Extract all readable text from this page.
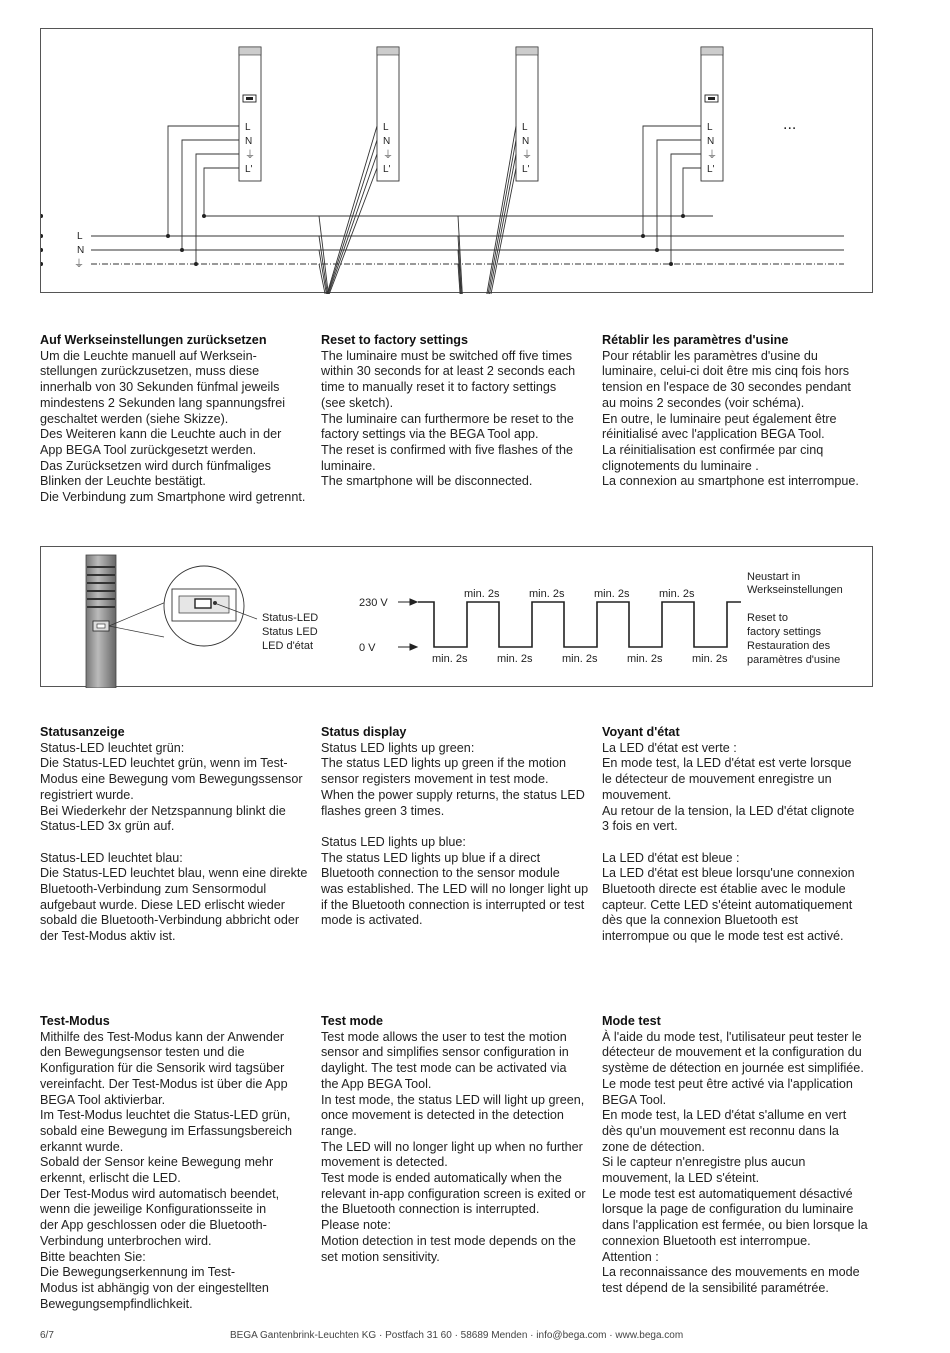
L
N
⏚
L'
L
N
⏚
L'
L
N
⏚
L'
L
N
⏚
L'
L
N
⏚
...
Auf Werkseinstellungen zurücksetzen

Um die Leuchte manuell auf Werksein-
stellungen zurückzusetzen, muss diese
innerhalb von 30 Sekunden fünfmal jeweils
mindestens 2 Sekunden lang spannungsfrei
geschaltet werden (siehe Skizze).
Des Weiteren kann die Leuchte auch in der
App BEGA Tool zurückgesetzt werden.
Das Zurücksetzen wird durch fünfmaliges
Blinken der Leuchte bestätigt.
Die Verbindung zum Smartphone wird getrennt.

Reset to factory settings

The luminaire must be switched off five times
within 30 seconds for at least 2 seconds each
time to manually reset it to factory settings
(see sketch).
The luminaire can furthermore be reset to the
factory settings via the BEGA Tool app.
The reset is confirmed with five flashes of the
luminaire.
The smartphone will be disconnected.

Rétablir les paramètres d'usine

Pour rétablir les paramètres d'usine du
luminaire, celui-ci doit être mis cinq fois hors
tension en l'espace de 30 secondes pendant
au moins 2 secondes (voir schéma).
En outre, le luminaire peut également être
réinitialisé avec l'application BEGA Tool.
La réinitialisation est confirmée par cinq
clignotements du luminaire .
La connexion au smartphone est interrompue.

Status-LED
Status LED
LED d'état
230 V
0 V
Neustart in
Werkseinstellungen
Reset to
factory settings
Restauration des
paramètres d'usine
min. 2s	min. 2s	min. 2s	min. 2s
min. 2s	min. 2s	min. 2s	min. 2s	min. 2s
Statusanzeige

Status-LED leuchtet grün:
Die Status-LED leuchtet grün, wenn im Test-
Modus eine Bewegung vom Bewegungssensor
registriert wurde.
Bei Wiederkehr der Netzspannung blinkt die
Status-LED 3x grün auf.

Status-LED leuchtet blau:
Die Status-LED leuchtet blau, wenn eine direkte
Bluetooth-Verbindung zum Sensormodul
aufgebaut wurde. Diese LED erlischt wieder
sobald die Bluetooth-Verbindung abbricht oder
der Test-Modus aktiv ist.

Status display

Status LED lights up green:
The status LED lights up green if the motion
sensor registers movement in test mode.
When the power supply returns, the status LED
flashes green 3 times.

Status LED lights up blue:
The status LED lights up blue if a direct
Bluetooth connection to the sensor module
was established. The LED will no longer light up
if the Bluetooth connection is interrupted or test
mode is activated.

Voyant d'état

La LED d'état est verte :
En mode test, la LED d'état est verte lorsque
le détecteur de mouvement enregistre un
mouvement.
Au retour de la tension, la LED d'état clignote
3 fois en vert.

La LED d'état est bleue :
La LED d'état est bleue lorsqu'une connexion
Bluetooth directe est établie avec le module
capteur. Cette LED s'éteint automatiquement
dès que la connexion Bluetooth est
interrompue ou que le mode test est activé.

Test-Modus

Mithilfe des Test-Modus kann der Anwender
den Bewegungsensor testen und die
Konfiguration für die Sensorik wird tagsüber
vereinfacht. Der Test-Modus ist über die App
BEGA Tool aktivierbar.
Im Test-Modus leuchtet die Status-LED grün,
sobald eine Bewegung im Erfassungsbereich
erkannt wurde.
Sobald der Sensor keine Bewegung mehr
erkennt, erlischt die LED.
Der Test-Modus wird automatisch beendet,
wenn die jeweilige Konfigurationsseite in
der App geschlossen oder die Bluetooth-
Verbindung unterbrochen wird.
Bitte beachten Sie:
Die Bewegungserkennung im Test-
Modus ist abhängig von der eingestellten
Bewegungsempfindlichkeit.

Test mode

Test mode allows the user to test the motion
sensor and simplifies sensor configuration in
daylight. The test mode can be activated via
the App BEGA Tool.
In test mode, the status LED will light up green,
once movement is detected in the detection
range.
The LED will no longer light up when no further
movement is detected.
Test mode is ended automatically when the
relevant in-app configuration screen is exited or
the Bluetooth connection is interrupted.
Please note:
Motion detection in test mode depends on the
set motion sensitivity.

Mode test

À l'aide du mode test, l'utilisateur peut tester le
détecteur de mouvement et la configuration du
système de détection en journée est simplifiée.
Le mode test peut être activé via l'application
BEGA Tool.
En mode test, la LED d'état s'allume en vert
dès qu'un mouvement est reconnu dans la
zone de détection.
Si le capteur n'enregistre plus aucun
mouvement, la LED s'éteint.
Le mode test est automatiquement désactivé
lorsque la page de configuration du luminaire
dans l'application est fermée, ou bien lorsque la
connexion Bluetooth est interrompue.
Attention :
La reconnaissance des mouvements en mode
test dépend de la sensibilité paramétrée.

6/7	BEGA Gantenbrink-Leuchten KG · Postfach 31 60 · 58689 Menden · info@bega.com · www.bega.com
